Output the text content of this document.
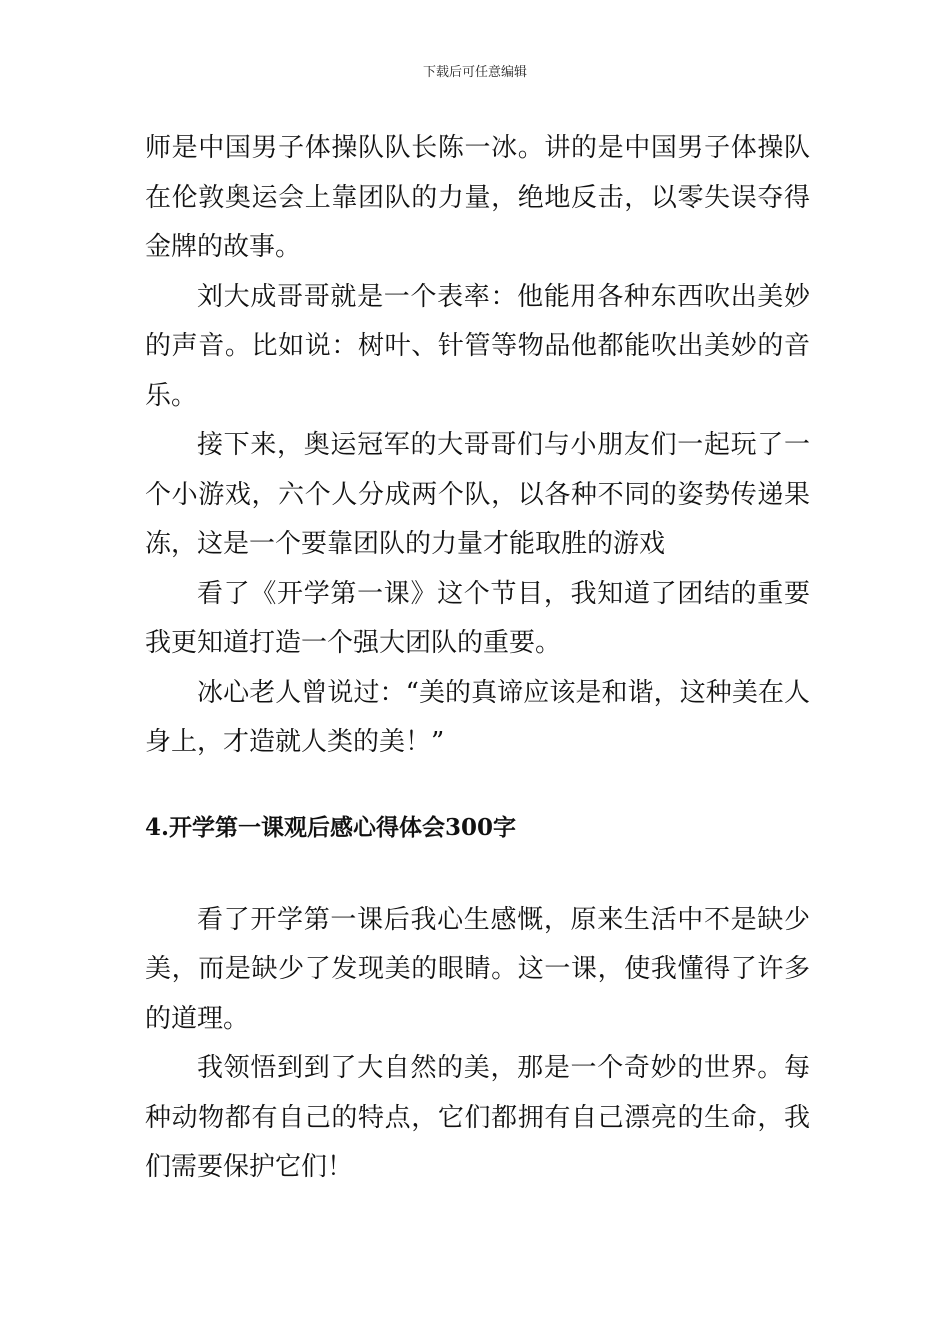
下载后可任意编辑

师是中国男子体操队队长陈一冰。讲的是中国男子体操队在伦敦奥运会上靠团队的力量，绝地反击，以零失误夺得金牌的故事。

刘大成哥哥就是一个表率：他能用各种东西吹出美妙的声音。比如说：树叶、针管等物品他都能吹出美妙的音乐。

接下来，奥运冠军的大哥哥们与小朋友们一起玩了一个小游戏，六个人分成两个队，以各种不同的姿势传递果冻，这是一个要靠团队的力量才能取胜的游戏

看了《开学第一课》这个节目，我知道了团结的重要我更知道打造一个强大团队的重要。

冰心老人曾说过：“美的真谛应该是和谐，这种美在人身上，才造就人类的美！”

4.开学第一课观后感心得体会300字

看了开学第一课后我心生感慨，原来生活中不是缺少美，而是缺少了发现美的眼睛。这一课，使我懂得了许多的道理。

我领悟到到了大自然的美，那是一个奇妙的世界。每种动物都有自己的特点，它们都拥有自己漂亮的生命，我们需要保护它们！
